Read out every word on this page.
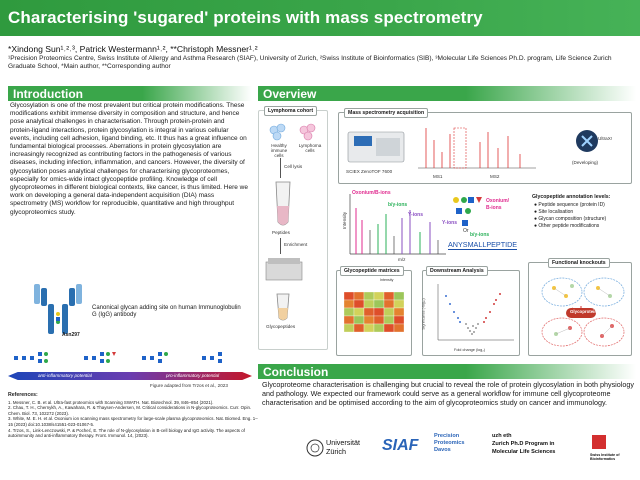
Characterising 'sugared' proteins with mass spectrometry
*Xindong Sun¹˒²˒³, Patrick Westermann¹˒², **Christoph Messner¹˒²
¹Precision Proteomics Centre, Swiss Institute of Allergy and Asthma Research (SIAF), University of Zurich, ²Swiss Institute of Bioinformatics (SIB), ³Molecular Life Sciences Ph.D. program, Life Science Zurich Graduate School, *Main author, **Corresponding author
Introduction
Glycosylation is one of the most prevalent but critical protein modifications. These modifications exhibit immense diversity in composition and structure, and hence pose analytical challenges in characterisation. Through protein-protein and protein-ligand interactions, protein glycosylation is integral in various cellular events, including cell adhesion, ligand binding, etc. It thus has a great influence on fundamental biological processes. Aberrations in protein glycosylation are increasingly recognized as contributing factors in the pathogenesis of various diseases, including infection, inflammation, and cancers. However, the diversity of glycosylation poses analytical challenges for characterising glycoproteomes, especially for omics-wide intact glycopeptide profiling. Knowledge of cell glycoproteomes in different biological contexts, like cancer, is thus limited. Here we work on developing a general data-independent acquisition (DIA) mass spectrometry (MS) workflow for reproducible, quantitative and high throughput glycoproteomics study.
Canonical glycan adding site on human Immunoglobulin G (IgG) antibody
Asn297
anti-inflammatory potential	pro-inflammatory potential
Figure adapted from Trzos et al., 2023
References:
1. Messner, C. B. et al. Ultra-fast proteomics with Scanning SWATH. Nat. Biotechnol. 39, 846–854 (2021).
2. Chau, T. H., Chernykh, A., Kawahara, R. & Thaysen-Andersen, M. Critical considerations in N-glycoproteomics. Curr. Opin. Chem. Biol. 73, 102272 (2023).
3. White, M. E. H. et al. Oxonium ion scanning mass spectrometry for large-scale plasma glycoproteomics. Nat. Biomed. Eng. 1–15 (2023) doi:10.1038/s41551-023-01067-5.
4. Trzos, S., Link-Lenczowski, P. & Pocheć, E. The role of N-glycosylation in B-cell biology and IgG activity. The aspects of autoimmunity and anti-inflammatory therapy. Front. Immunol. 14, (2023).
Overview
Lymphoma cohort
Healthy immune cells
Lymphoma cells
Cell lysis
Peptides
Enrichment
Glycopeptides
Mass spectrometry acquisition
SCIEX ZenoTOF 7600
MS1	MS2
UltraX!
(Developing)
Oxonium/B-ions
b/y-ions
Y-ions
Intensity
m/z
Oxonium/
B-ions
Y-ions
Or
b/y-ions
ANYSMALLPEPTIDE
Glycopeptide annotation levels:
● Peptide sequence (protein ID)
● Site localisation
● Glycan composition (structure)
● Other peptide modifications
Glycopeptide matrices
Intensity
Downstream Analysis
Fold change (log₂)
Significance (-log₁₀)
Functional knockouts
Glycoprotein
Conclusion
Glycoproteome characterisation is challenging but crucial to reveal the role of protein glycosylation in both physiology and pathology. We expected our framework could serve as a general workflow for immune cell glycoproteome characterisation and be optimised according to the aim of glycoproteomics study on cancer and immunology.
Universität
Zürich SIAF
Precision
Proteomics
Davos
uzh eth
Zurich Ph.D Program in
Molecular Life Sciences	Swiss Institute of Bioinformatics
